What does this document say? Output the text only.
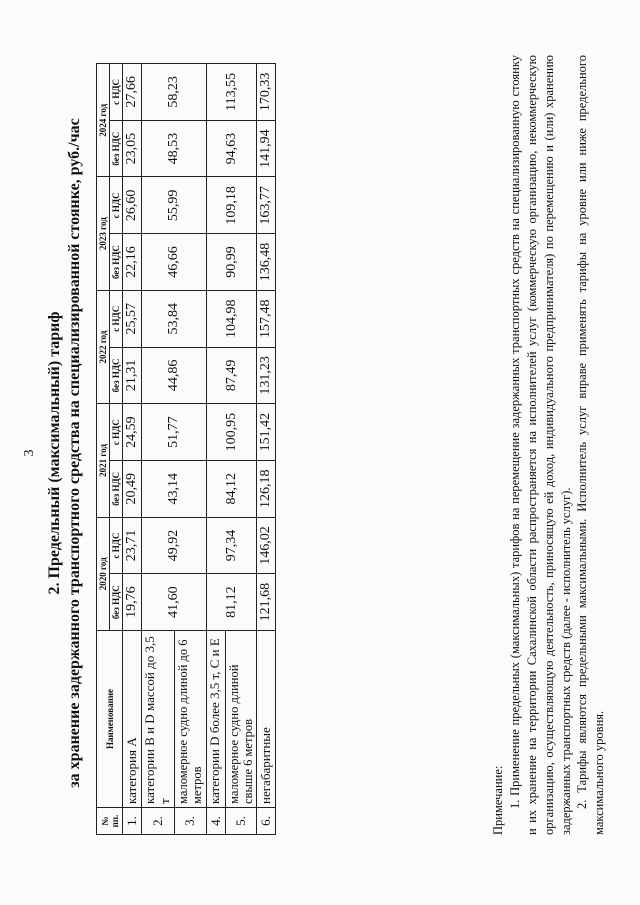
3 2. Предельный (максимальный) тариф за хранение задержанного транспортного средства на специализированной стоянке, руб./час
№ пп.	Наименование	2020 год		2021 год		2022 год		2023 год		2024 год	
		без НДС	с НДС	без НДС	с НДС	без НДС	с НДС	без НДС	с НДС	без НДС	с НДС
1.	категория А	19,76	23,71	20,49	24,59	21,31	25,57	22,16	26,60	23,05	27,66
2.	категории В и D массой до 3,5 т	41,60	49,92	43,14	51,77	44,86	53,84	46,66	55,99	48,53	58,23
3.	маломерное судно длиной до 6 метров										
4.	категории D более 3,5 т, С и Е	81,12	97,34	84,12	100,95	87,49	104,98	90,99	109,18	94,63	113,55
5.	маломерное судно длиной свыше 6 метров										
6.	негабаритные	121,68	146,02	126,18	151,42	131,23	157,48	136,48	163,77	141,94	170,33

Примечание: 1. Применение предельных (максимальных) тарифов на перемещение задержанных транспортных средств на специализированную стоянку и их хранение на территории Сахалинской области распространяется на исполнителей услуг (коммерческую организацию, некоммерческую организацию, осуществляющую деятельность, приносящую ей доход, индивидуального предпринимателя) по перемещению и (или) хранению задержанных транспортных средств (далее - исполнитель услуг). 2. Тарифы являются предельными максимальными. Исполнитель услуг вправе применять тарифы на уровне или ниже предельного максимального уровня.
